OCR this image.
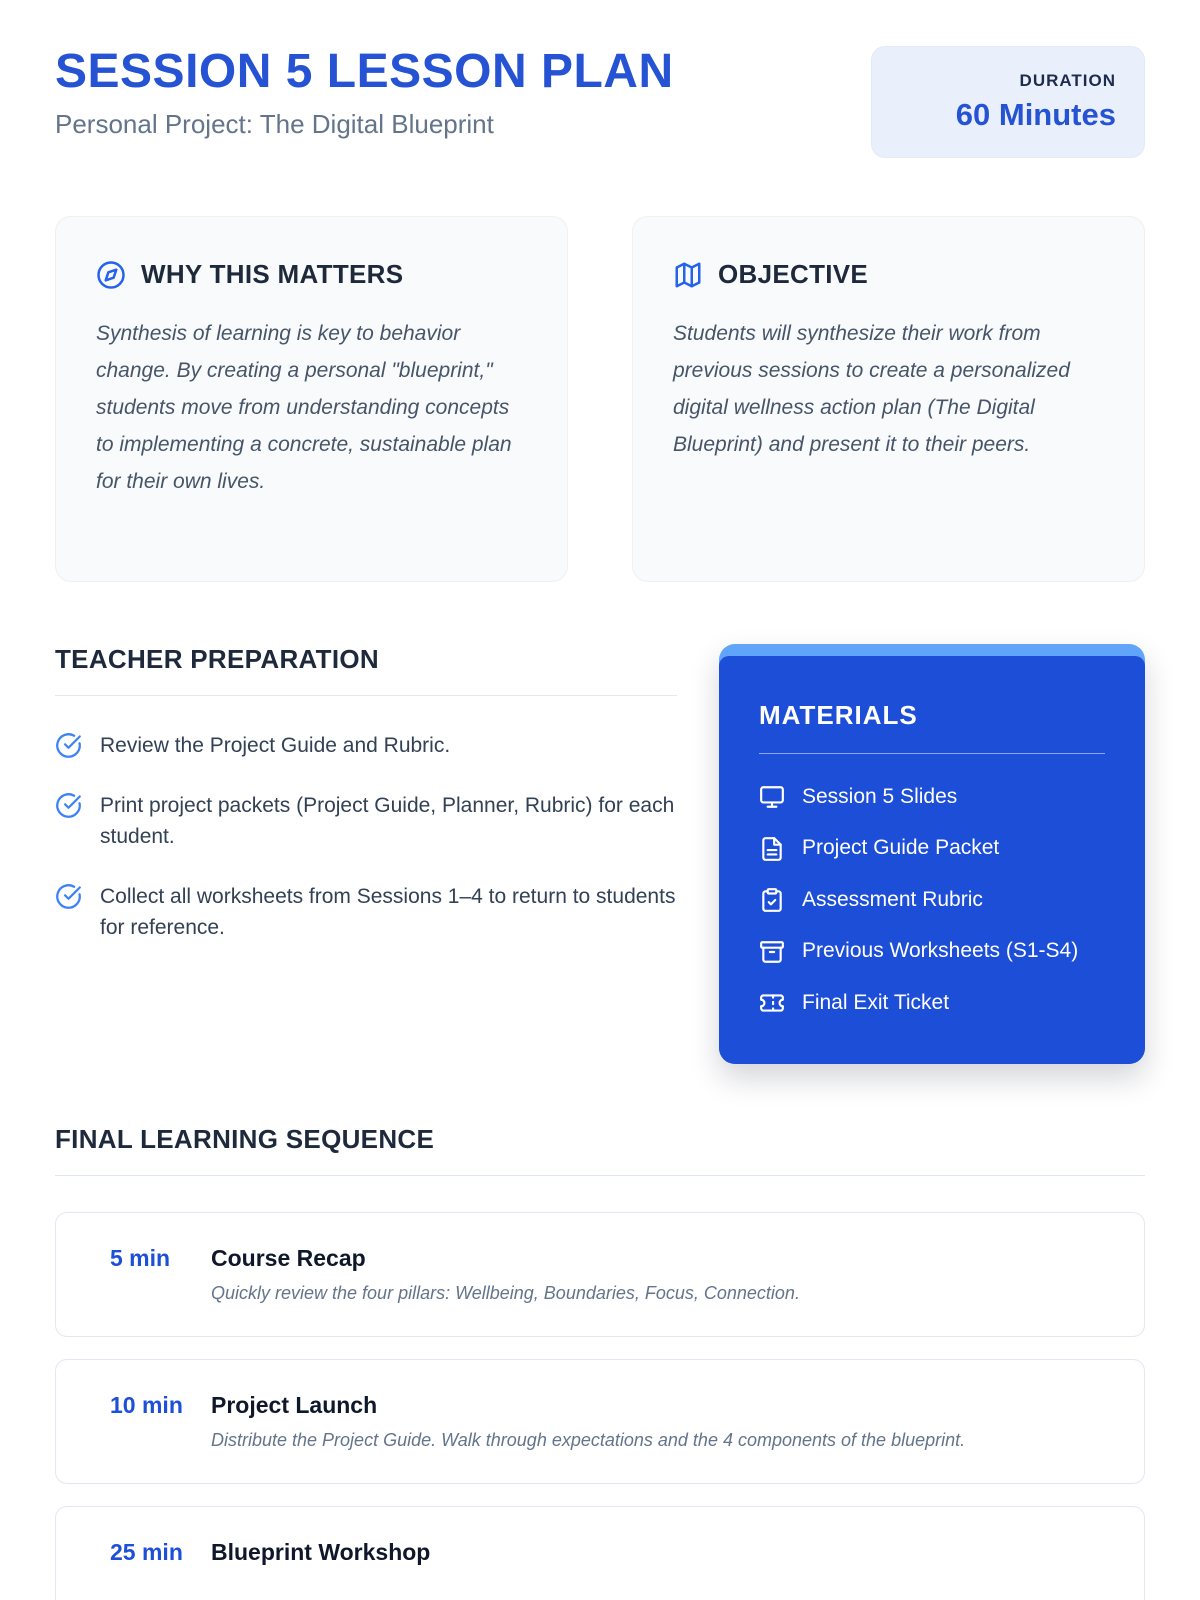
SESSION 5 LESSON PLAN
Personal Project: The Digital Blueprint
DURATION
60 Minutes
WHY THIS MATTERS

Synthesis of learning is key to behavior change. By creating a personal "blueprint," students move from understanding concepts to implementing a concrete, sustainable plan for their own lives.

OBJECTIVE

Students will synthesize their work from previous sessions to create a personalized digital wellness action plan (The Digital Blueprint) and present it to their peers.

TEACHER PREPARATION
Review the Project Guide and Rubric.
Print project packets (Project Guide, Planner, Rubric) for each student.
Collect all worksheets from Sessions 1–4 to return to students for reference.
MATERIALS
Session 5 Slides
Project Guide Packet
Assessment Rubric
Previous Worksheets (S1-S4)
Final Exit Ticket
FINAL LEARNING SEQUENCE
5 min	Course Recap
Quickly review the four pillars: Wellbeing, Boundaries, Focus, Connection.
10 min	Project Launch
Distribute the Project Guide. Walk through expectations and the 4 components of the blueprint.
25 min	Blueprint Workshop
